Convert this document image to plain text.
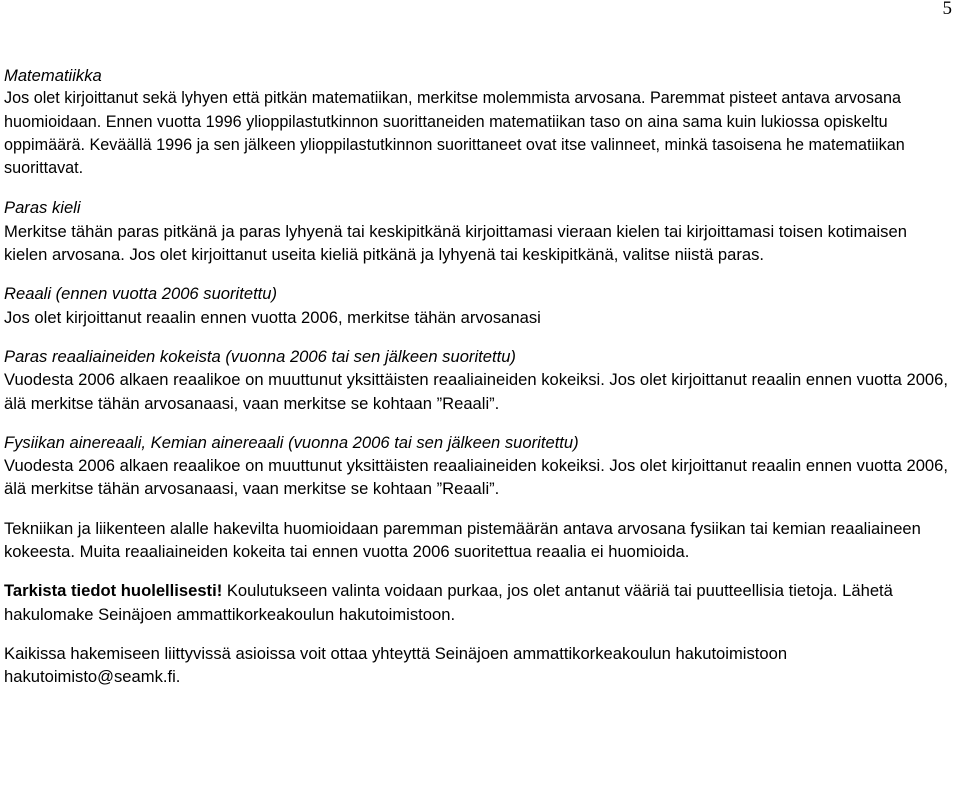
5
Matematiikka
Jos olet kirjoittanut sekä lyhyen että pitkän matematiikan, merkitse molemmista arvosana. Paremmat pisteet antava arvosana huomioidaan. Ennen vuotta 1996 ylioppilastutkinnon suorittaneiden matematiikan taso on aina sama kuin lukiossa opiskeltu oppimäärä. Keväällä 1996 ja sen jälkeen ylioppilastutkinnon suorittaneet ovat itse valinneet, minkä tasoisena he matematiikan suorittavat.
Paras kieli
Merkitse tähän paras pitkänä ja paras lyhyenä tai keskipitkänä kirjoittamasi vieraan kielen tai kirjoittamasi toisen kotimaisen kielen arvosana. Jos olet kirjoittanut useita kieliä pitkänä ja lyhyenä tai keskipitkänä, valitse niistä paras.
Reaali (ennen vuotta 2006 suoritettu)
Jos olet kirjoittanut reaalin ennen vuotta 2006, merkitse tähän arvosanasi
Paras reaaliaineiden kokeista (vuonna 2006 tai sen jälkeen suoritettu)
Vuodesta 2006 alkaen reaalikoe on muuttunut yksittäisten reaaliaineiden kokeiksi. Jos olet kirjoittanut reaalin ennen vuotta 2006, älä merkitse tähän arvosanaasi, vaan merkitse se kohtaan ”Reaali”.
Fysiikan ainereaali, Kemian ainereaali (vuonna 2006 tai sen jälkeen suoritettu)
Vuodesta 2006 alkaen reaalikoe on muuttunut yksittäisten reaaliaineiden kokeiksi. Jos olet kirjoittanut reaalin ennen vuotta 2006, älä merkitse tähän arvosanaasi, vaan merkitse se kohtaan ”Reaali”.
Tekniikan ja liikenteen alalle hakevilta huomioidaan paremman pistemäärän antava arvosana fysiikan tai kemian reaaliaineen kokeesta. Muita reaaliaineiden kokeita tai ennen vuotta 2006 suoritettua reaalia ei huomioida.
Tarkista tiedot huolellisesti! Koulutukseen valinta voidaan purkaa, jos olet antanut vääriä tai puutteellisia tietoja. Lähetä hakulomake Seinäjoen ammattikorkeakoulun hakutoimistoon.
Kaikissa hakemiseen liittyvissä asioissa voit ottaa yhteyttä Seinäjoen ammattikorkeakoulun hakutoimistoon
hakutoimisto@seamk.fi.
